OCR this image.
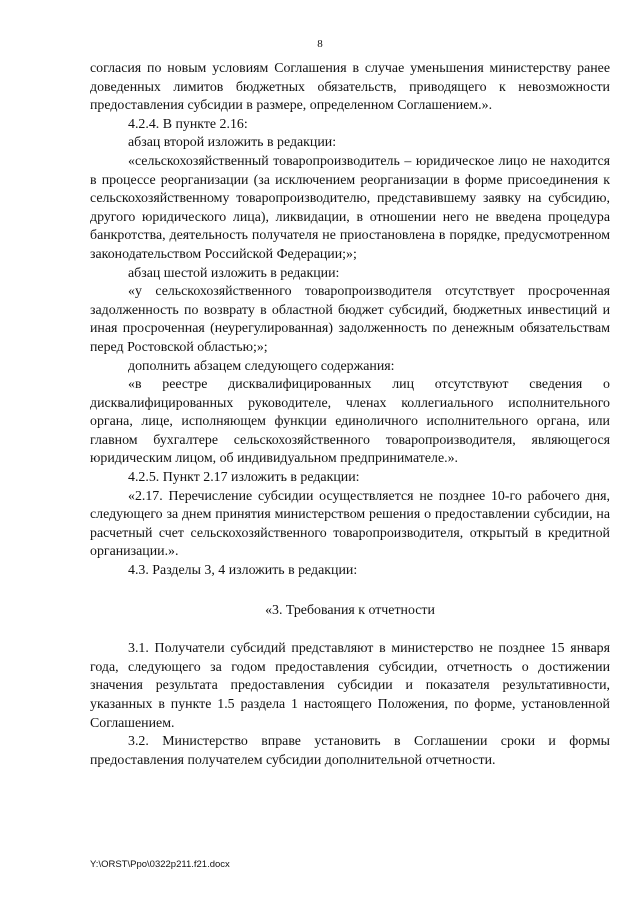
8

согласия по новым условиям Соглашения в случае уменьшения министерству ранее доведенных лимитов бюджетных обязательств, приводящего к невозможности предоставления субсидии в размере, определенном Соглашением.».

4.2.4. В пункте 2.16:

абзац второй изложить в редакции:

«сельскохозяйственный товаропроизводитель – юридическое лицо не находится в процессе реорганизации (за исключением реорганизации в форме присоединения к сельскохозяйственному товаропроизводителю, представившему заявку на субсидию, другого юридического лица), ликвидации, в отношении него не введена процедура банкротства, деятельность получателя не приостановлена в порядке, предусмотренном законодательством Российской Федерации;»;

абзац шестой изложить в редакции:

«у сельскохозяйственного товаропроизводителя отсутствует просроченная задолженность по возврату в областной бюджет субсидий, бюджетных инвестиций и иная просроченная (неурегулированная) задолженность по денежным обязательствам перед Ростовской областью;»;

дополнить абзацем следующего содержания:

«в реестре дисквалифицированных лиц отсутствуют сведения о дисквалифицированных руководителе, членах коллегиального исполнительного органа, лице, исполняющем функции единоличного исполнительного органа, или главном бухгалтере сельскохозяйственного товаропроизводителя, являющегося юридическим лицом, об индивидуальном предпринимателе.».

4.2.5. Пункт 2.17 изложить в редакции:

«2.17. Перечисление субсидии осуществляется не позднее 10-го рабочего дня, следующего за днем принятия министерством решения о предоставлении субсидии, на расчетный счет сельскохозяйственного товаропроизводителя, открытый в кредитной организации.».

4.3. Разделы 3, 4 изложить в редакции:

«3. Требования к отчетности

3.1. Получатели субсидий представляют в министерство не позднее 15 января года, следующего за годом предоставления субсидии, отчетность о достижении значения результата предоставления субсидии и показателя результативности, указанных в пункте 1.5 раздела 1 настоящего Положения, по форме, установленной Соглашением.

3.2. Министерство вправе установить в Соглашении сроки и формы предоставления получателем субсидии дополнительной отчетности.

Y:\ORST\Ppo\0322p211.f21.docx
